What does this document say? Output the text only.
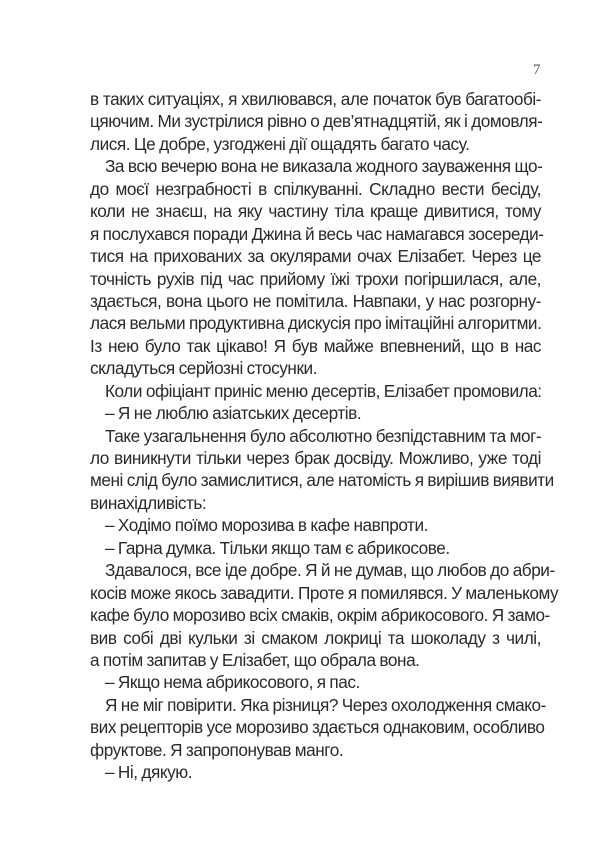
7
в таких ситуаціях, я хвилювався, але початок був багатообі-
цяючим. Ми зустрілися рівно о дев’ятнадцятій, як і домовля-
лися. Це добре, узгоджені дії ощадять багато часу.
За всю вечерю вона не виказала жодного зауваження що-
до моєї незграбності в спілкуванні. Складно вести бесіду,
коли не знаєш, на яку частину тіла краще дивитися, тому
я послухався поради Джина й весь час намагався зосереди-
тися на прихованих за окулярами очах Елізабет. Через це
точність рухів під час прийому їжі трохи погіршилася, але,
здається, вона цього не помітила. Навпаки, у нас розгорну-
лася вельми продуктивна дискусія про імітаційні алгоритми.
Із нею було так цікаво! Я був майже впевнений, що в нас
складуться серйозні стосунки.
Коли офіціант приніс меню десертів, Елізабет промовила:
– Я не люблю азіатських десертів.
Таке узагальнення було абсолютно безпідставним та мог-
ло виникнути тільки через брак досвіду. Можливо, уже тоді
мені слід було замислитися, але натомість я вирішив виявити
винахідливість:
– Ходімо поїмо морозива в кафе навпроти.
– Гарна думка. Тільки якщо там є абрикосове.
Здавалося, все іде добре. Я й не думав, що любов до абри-
косів може якось завадити. Проте я помилявся. У маленькому
кафе було морозиво всіх смаків, окрім абрикосового. Я замо-
вив собі дві кульки зі смаком локриці та шоколаду з чилі,
а потім запитав у Елізабет, що обрала вона.
– Якщо нема абрикосового, я пас.
Я не міг повірити. Яка різниця? Через охолодження смако-
вих рецепторів усе морозиво здається однаковим, особливо
фруктове. Я запропонував манго.
– Ні, дякую.
